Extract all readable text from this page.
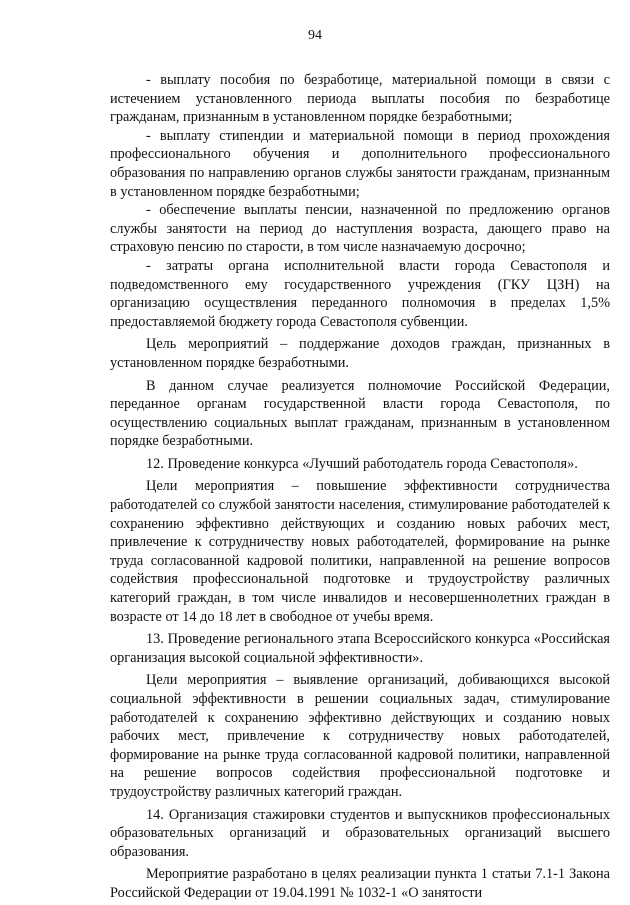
94

- выплату пособия по безработице, материальной помощи в связи с истечением установленного периода выплаты пособия по безработице гражданам, признанным в установленном порядке безработными;

- выплату стипендии и материальной помощи в период прохождения профессионального обучения и дополнительного профессионального образования по направлению органов службы занятости гражданам, признанным в установленном порядке безработными;

- обеспечение выплаты пенсии, назначенной по предложению органов службы занятости на период до наступления возраста, дающего право на страховую пенсию по старости, в том числе назначаемую досрочно;

- затраты органа исполнительной власти города Севастополя и подведомственного ему государственного учреждения (ГКУ ЦЗН) на организацию осуществления переданного полномочия в пределах 1,5% предоставляемой бюджету города Севастополя субвенции.

Цель мероприятий – поддержание доходов граждан, признанных в установленном порядке безработными.

В данном случае реализуется полномочие Российской Федерации, переданное органам государственной власти города Севастополя, по осуществлению социальных выплат гражданам, признанным в установленном порядке безработными.

12. Проведение конкурса «Лучший работодатель города Севастополя».

Цели мероприятия – повышение эффективности сотрудничества работодателей со службой занятости населения, стимулирование работодателей к сохранению эффективно действующих и созданию новых рабочих мест, привлечение к сотрудничеству новых работодателей, формирование на рынке труда согласованной кадровой политики, направленной на решение вопросов содействия профессиональной подготовке и трудоустройству различных категорий граждан, в том числе инвалидов и несовершеннолетних граждан в возрасте от 14 до 18 лет в свободное от учебы время.

13. Проведение регионального этапа Всероссийского конкурса «Российская организация высокой социальной эффективности».

Цели мероприятия – выявление организаций, добивающихся высокой социальной эффективности в решении социальных задач, стимулирование работодателей к сохранению эффективно действующих и созданию новых рабочих мест, привлечение к сотрудничеству новых работодателей, формирование на рынке труда согласованной кадровой политики, направленной на решение вопросов содействия профессиональной подготовке и трудоустройству различных категорий граждан.

14. Организация стажировки студентов и выпускников профессиональных образовательных организаций и образовательных организаций высшего образования.

Мероприятие разработано в целях реализации пункта 1 статьи 7.1-1 Закона Российской Федерации от 19.04.1991 № 1032-1 «О занятости
